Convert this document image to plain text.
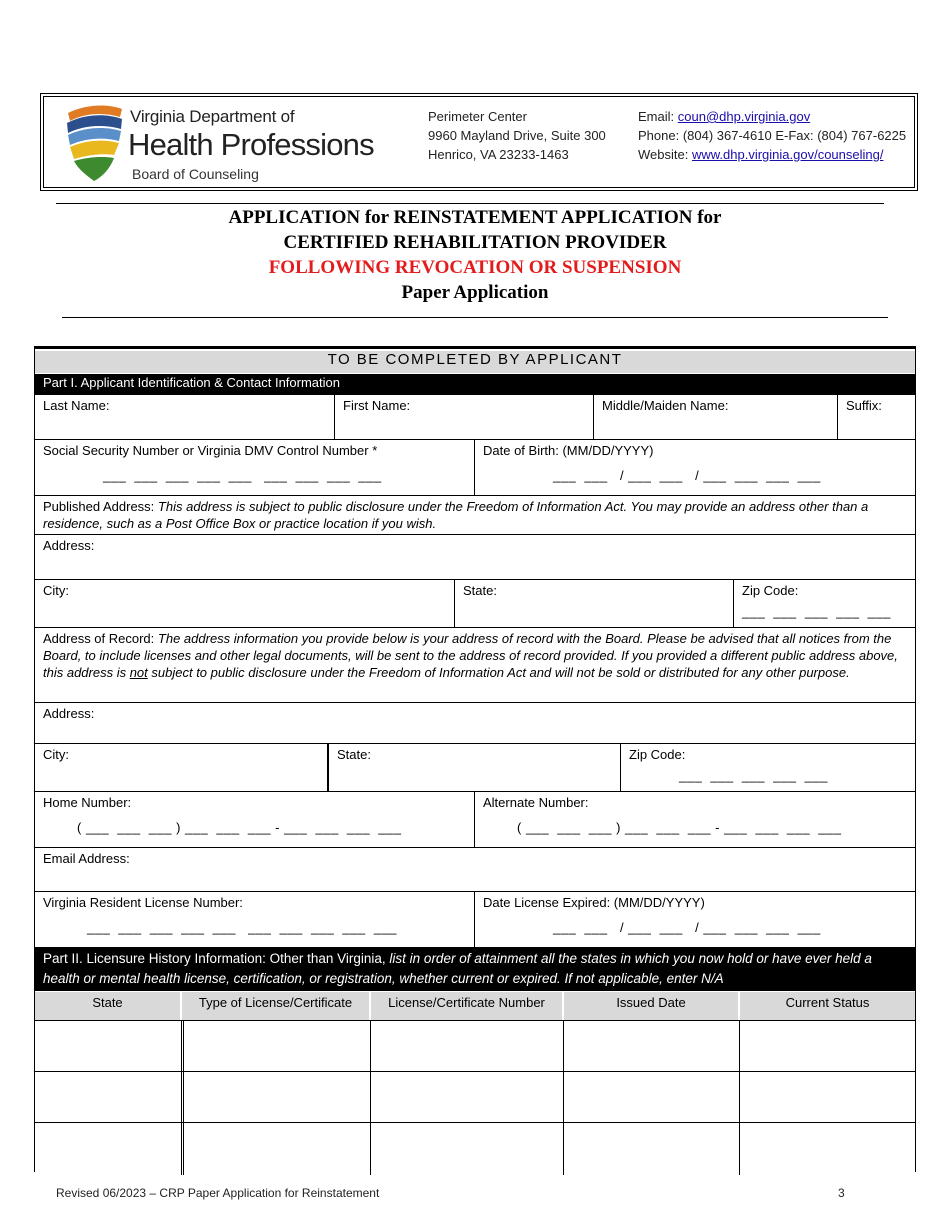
Virginia Department of
Health Professions
Board of Counseling
Perimeter Center
9960 Mayland Drive, Suite 300
Henrico, VA 23233-1463
Email: coun@dhp.virginia.gov
Phone: (804) 367-4610 E-Fax: (804) 767-6225
Website: www.dhp.virginia.gov/counseling/
APPLICATION for REINSTATEMENT APPLICATION for
CERTIFIED REHABILITATION PROVIDER
FOLLOWING REVOCATION OR SUSPENSION
Paper Application
TO BE COMPLETED BY APPLICANT
Part I. Applicant Identification & Contact Information
Last Name:	First Name:	Middle/Maiden Name:	Suffix:
Social Security Number or Virginia DMV Control Number *
___  ___  ___  ___  ___   ___  ___  ___  ___
Date of Birth: (MM/DD/YYYY)
___  ___   / ___  ___   / ___  ___  ___  ___
Published Address: This address is subject to public disclosure under the Freedom of Information Act. You may provide an address other than a residence, such as a Post Office Box or practice location if you wish.
Address:
City:	State:	Zip Code:
___  ___  ___  ___  ___
Address of Record: The address information you provide below is your address of record with the Board. Please be advised that all notices from the Board, to include licenses and other legal documents, will be sent to the address of record provided. If you provided a different public address above, this address is not subject to public disclosure under the Freedom of Information Act and will not be sold or distributed for any other purpose.
Address:
City:	State:	Zip Code:
___  ___  ___  ___  ___
Home Number:
( ___  ___  ___ ) ___  ___  ___ - ___  ___  ___  ___
Alternate Number:
( ___  ___  ___ ) ___  ___  ___ - ___  ___  ___  ___
Email Address:
Virginia Resident License Number:
___  ___  ___  ___  ___   ___  ___  ___  ___  ___
Date License Expired: (MM/DD/YYYY)
___  ___   / ___  ___   / ___  ___  ___  ___
Part II. Licensure History Information: Other than Virginia, list in order of attainment all the states in which you now hold or have ever held a health or mental health license, certification, or registration, whether current or expired. If not applicable, enter N/A
State	Type of License/Certificate	License/Certificate Number	Issued Date	Current Status
Revised 06/2023 – CRP Paper Application for Reinstatement	3
